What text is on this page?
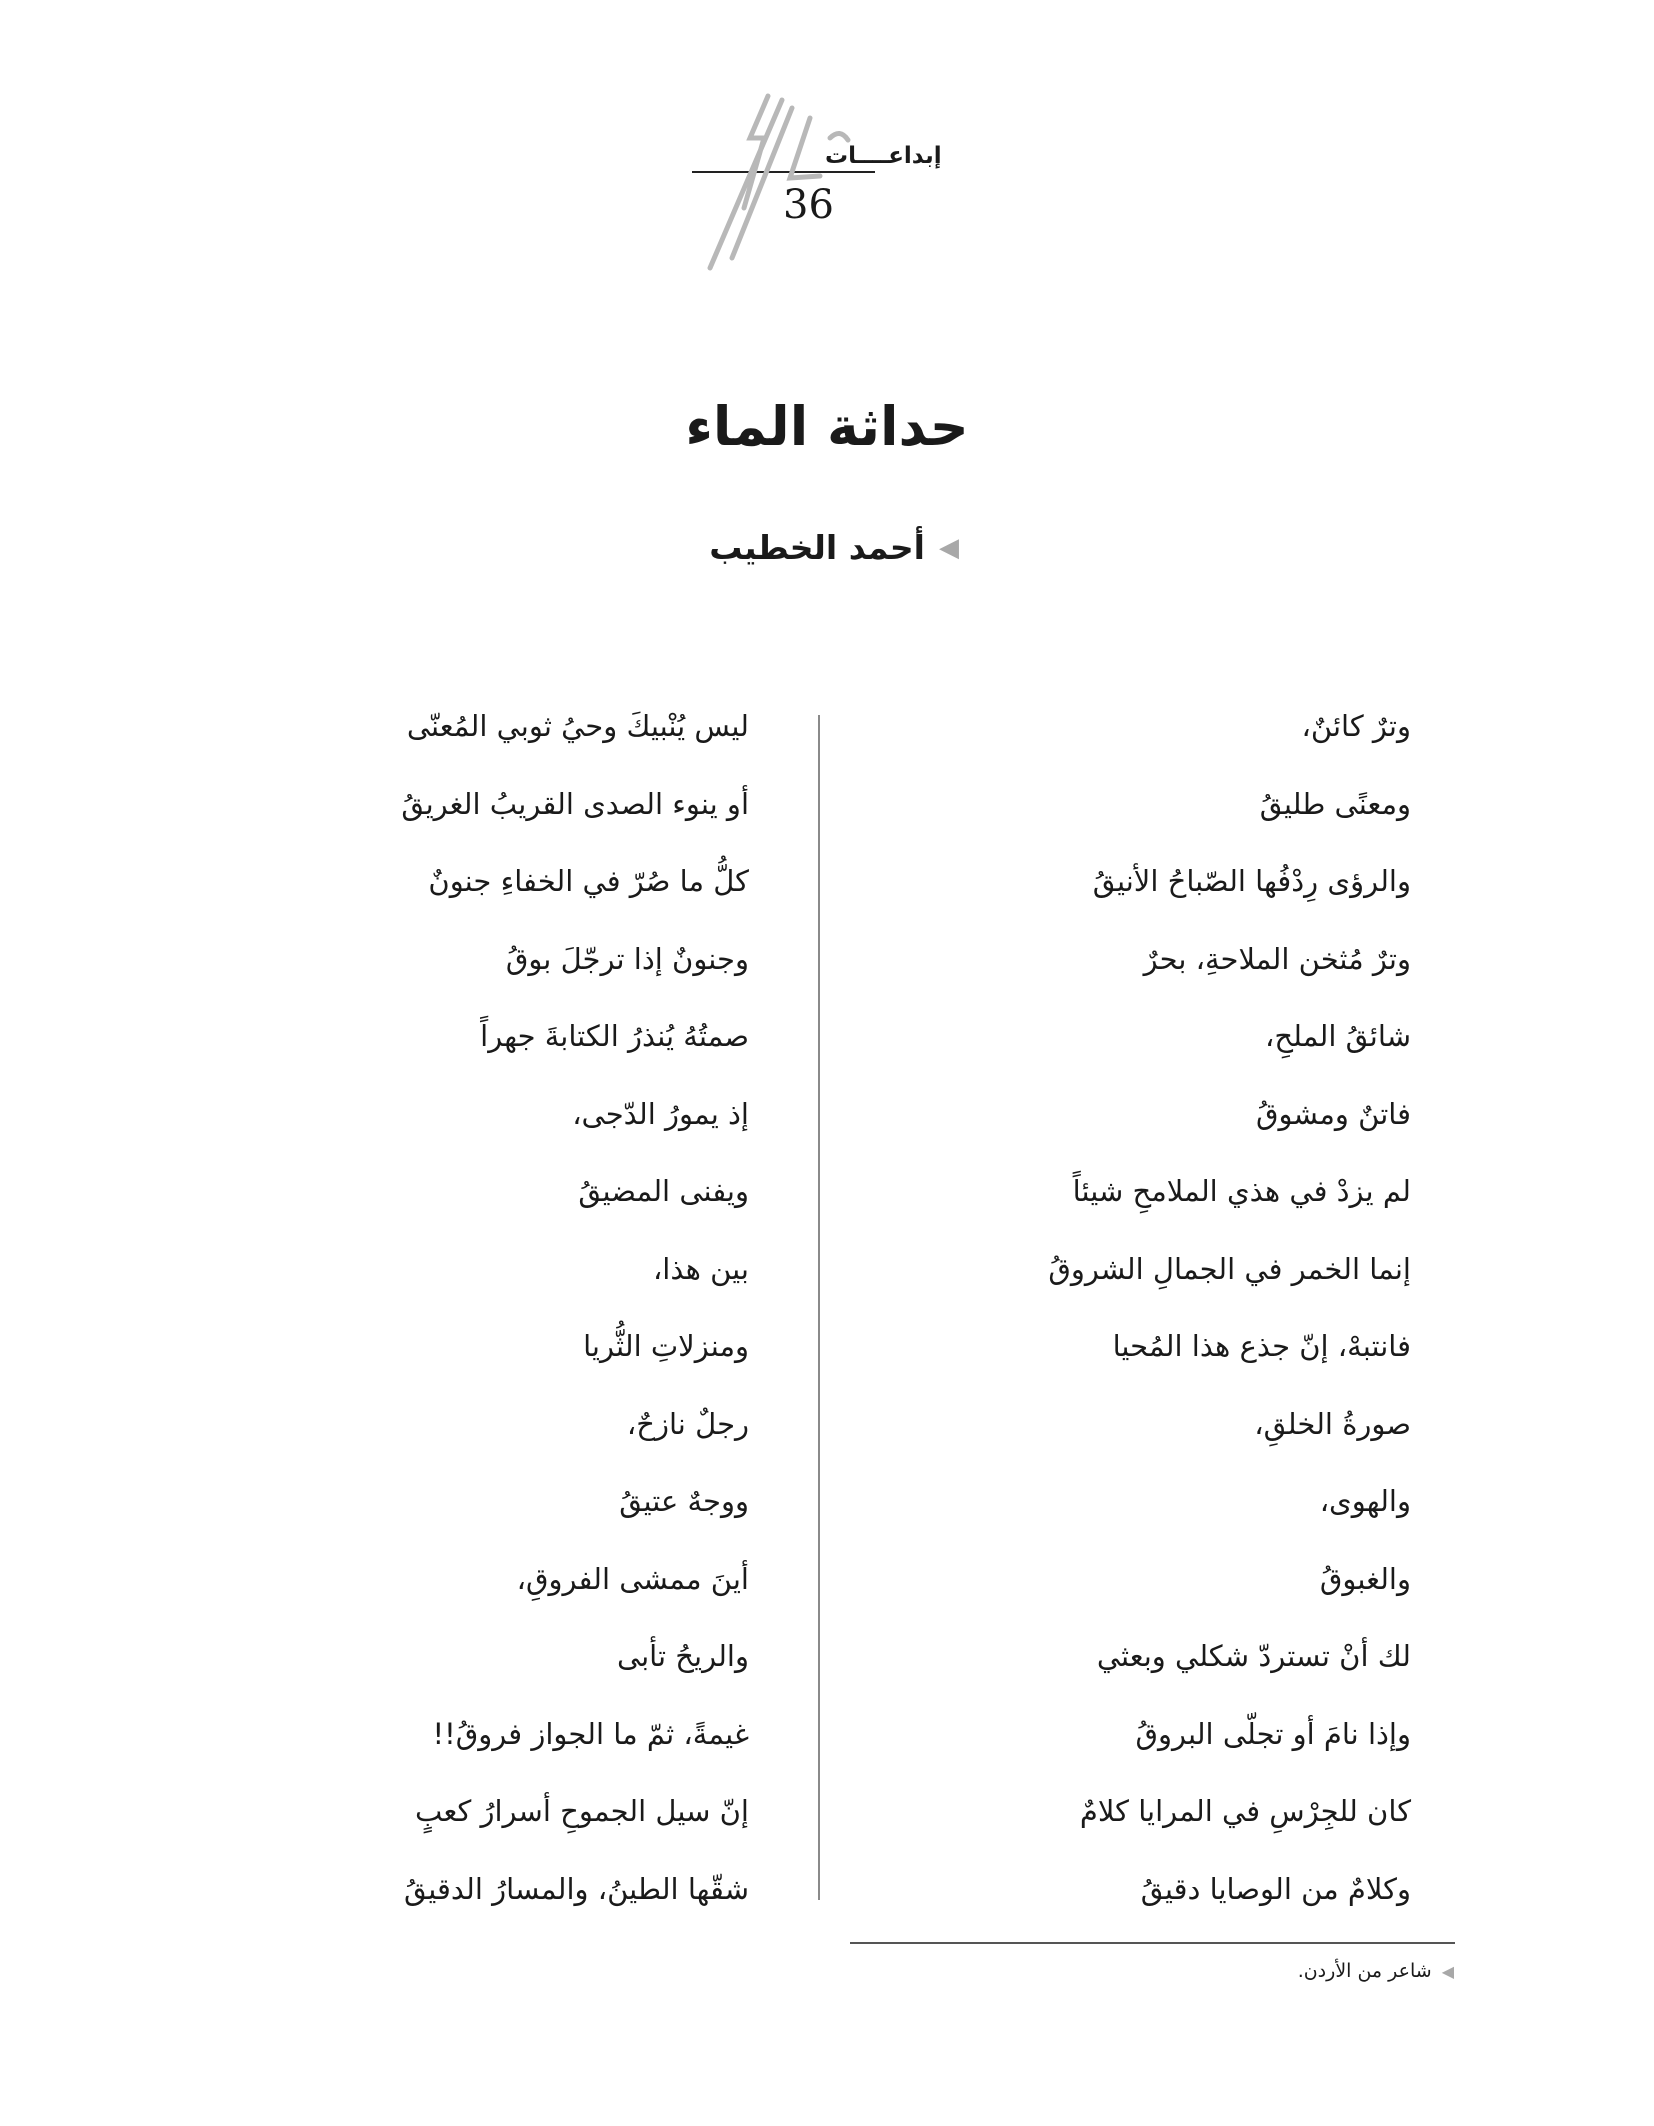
إبداعــــات
36
حداثة الماء
◀
أحمد الخطيب
وترٌ كائنٌ،
ومعنًى طليقُ
والرؤى رِدْفُها الصّباحُ الأنيقُ
وترٌ مُثخن الملاحةِ، بحرٌ
شائقُ الملحِ،
فاتنٌ ومشوقُ
لم يزدْ في هذي الملامحِ شيئاً
إنما الخمر في الجمالِ الشروقُ
فانتبهْ، إنّ جذع هذا المُحيا
صورةُ الخلقِ،
والهوى،
والغبوقُ
لك أنْ تستردّ شكلي وبعثي
وإذا نامَ أو تجلّى البروقُ
كان للجِرْسِ في المرايا كلامٌ
وكلامٌ من الوصايا دقيقُ
ليس يُنْبيكَ وحيُ ثوبي المُعنّى
أو ينوء الصدى القريبُ الغريقُ
كلُّ ما صُرّ في الخفاءِ جنونٌ
وجنونٌ إذا ترجّلَ بوقُ
صمتُهُ يُنذرُ الكتابةَ جهراً
إذ يمورُ الدّجى،
ويفنى المضيقُ
بين هذا،
ومنزلاتِ الثُّريا
رجلٌ نازحٌ،
ووجهٌ عتيقُ
أينَ ممشى الفروقِ،
والريحُ تأبى
غيمةً، ثمّ ما الجواز فروقُ!!
إنّ سيل الجموحِ أسرارُ كعبٍ
شقّها الطينُ، والمسارُ الدقيقُ
◀
شاعر من الأردن.
